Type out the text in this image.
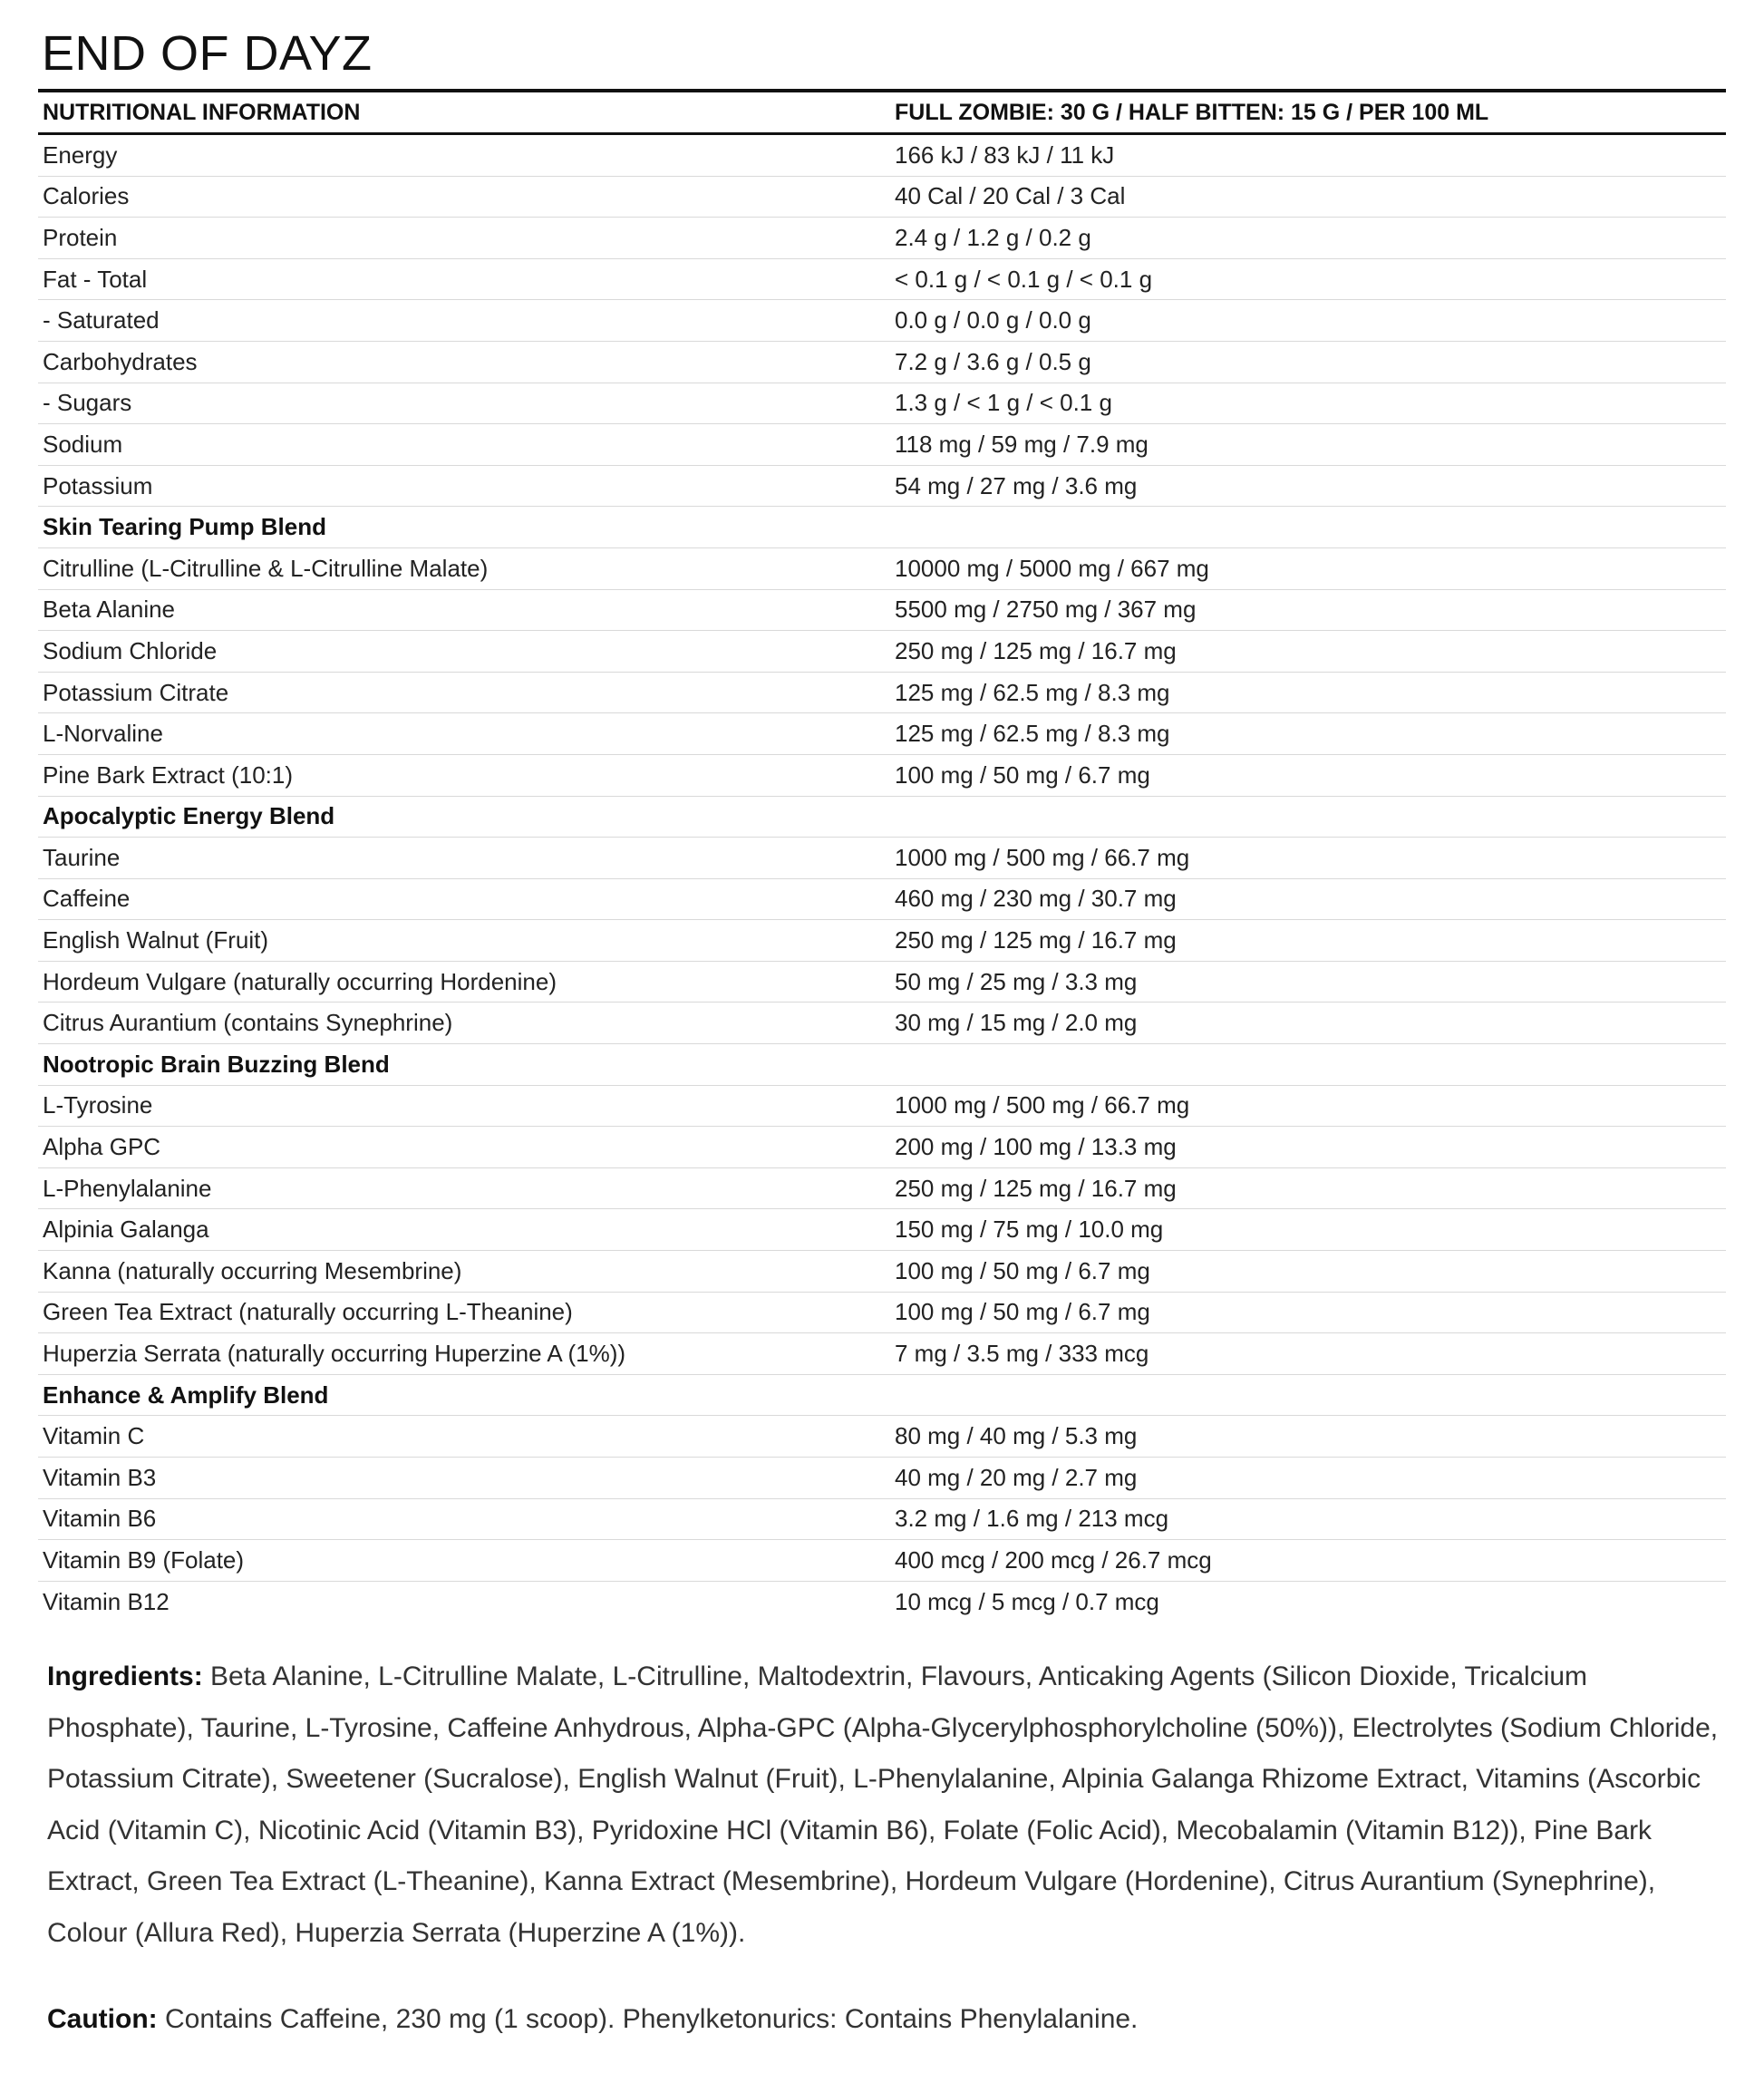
END OF DAYZ
NUTRITIONAL INFORMATION	FULL ZOMBIE: 30 G / HALF BITTEN: 15 G / PER 100 ML
Energy	166 kJ / 83 kJ / 11 kJ
Calories	40 Cal / 20 Cal / 3 Cal
Protein	2.4 g / 1.2 g / 0.2 g
Fat - Total	< 0.1 g / < 0.1 g / < 0.1 g
- Saturated	0.0 g / 0.0 g / 0.0 g
Carbohydrates	7.2 g / 3.6 g / 0.5 g
- Sugars	1.3 g / < 1 g / < 0.1 g
Sodium	118 mg / 59 mg / 7.9 mg
Potassium	54 mg / 27 mg / 3.6 mg
Skin Tearing Pump Blend	
Citrulline (L-Citrulline & L-Citrulline Malate)	10000 mg / 5000 mg / 667 mg
Beta Alanine	5500 mg / 2750 mg / 367 mg
Sodium Chloride	250 mg / 125 mg / 16.7 mg
Potassium Citrate	125 mg / 62.5 mg / 8.3 mg
L-Norvaline	125 mg / 62.5 mg / 8.3 mg
Pine Bark Extract (10:1)	100 mg / 50 mg / 6.7 mg
Apocalyptic Energy Blend	
Taurine	1000 mg / 500 mg / 66.7 mg
Caffeine	460 mg / 230 mg / 30.7 mg
English Walnut (Fruit)	250 mg / 125 mg / 16.7 mg
Hordeum Vulgare (naturally occurring Hordenine)	50 mg / 25 mg / 3.3 mg
Citrus Aurantium (contains Synephrine)	30 mg / 15 mg / 2.0 mg
Nootropic Brain Buzzing Blend	
L-Tyrosine	1000 mg / 500 mg / 66.7 mg
Alpha GPC	200 mg / 100 mg / 13.3 mg
L-Phenylalanine	250 mg / 125 mg / 16.7 mg
Alpinia Galanga	150 mg / 75 mg / 10.0 mg
Kanna (naturally occurring Mesembrine)	100 mg / 50 mg / 6.7 mg
Green Tea Extract (naturally occurring L-Theanine)	100 mg / 50 mg / 6.7 mg
Huperzia Serrata (naturally occurring Huperzine A (1%))	7 mg / 3.5 mg / 333 mcg
Enhance & Amplify Blend	
Vitamin C	80 mg / 40 mg / 5.3 mg
Vitamin B3	40 mg / 20 mg / 2.7 mg
Vitamin B6	3.2 mg / 1.6 mg / 213 mcg
Vitamin B9 (Folate)	400 mcg / 200 mcg / 26.7 mcg
Vitamin B12	10 mcg / 5 mcg / 0.7 mcg

Ingredients: Beta Alanine, L-Citrulline Malate, L-Citrulline, Maltodextrin, Flavours, Anticaking Agents (Silicon Dioxide, Tricalcium Phosphate), Taurine, L-Tyrosine, Caffeine Anhydrous, Alpha-GPC (Alpha-Glycerylphosphorylcholine (50%)), Electrolytes (Sodium Chloride, Potassium Citrate), Sweetener (Sucralose), English Walnut (Fruit), L-Phenylalanine, Alpinia Galanga Rhizome Extract, Vitamins (Ascorbic Acid (Vitamin C), Nicotinic Acid (Vitamin B3), Pyridoxine HCl (Vitamin B6), Folate (Folic Acid), Mecobalamin (Vitamin B12)), Pine Bark Extract, Green Tea Extract (L-Theanine), Kanna Extract (Mesembrine), Hordeum Vulgare (Hordenine), Citrus Aurantium (Synephrine), Colour (Allura Red), Huperzia Serrata (Huperzine A (1%)).

Caution: Contains Caffeine, 230 mg (1 scoop). Phenylketonurics: Contains Phenylalanine.
